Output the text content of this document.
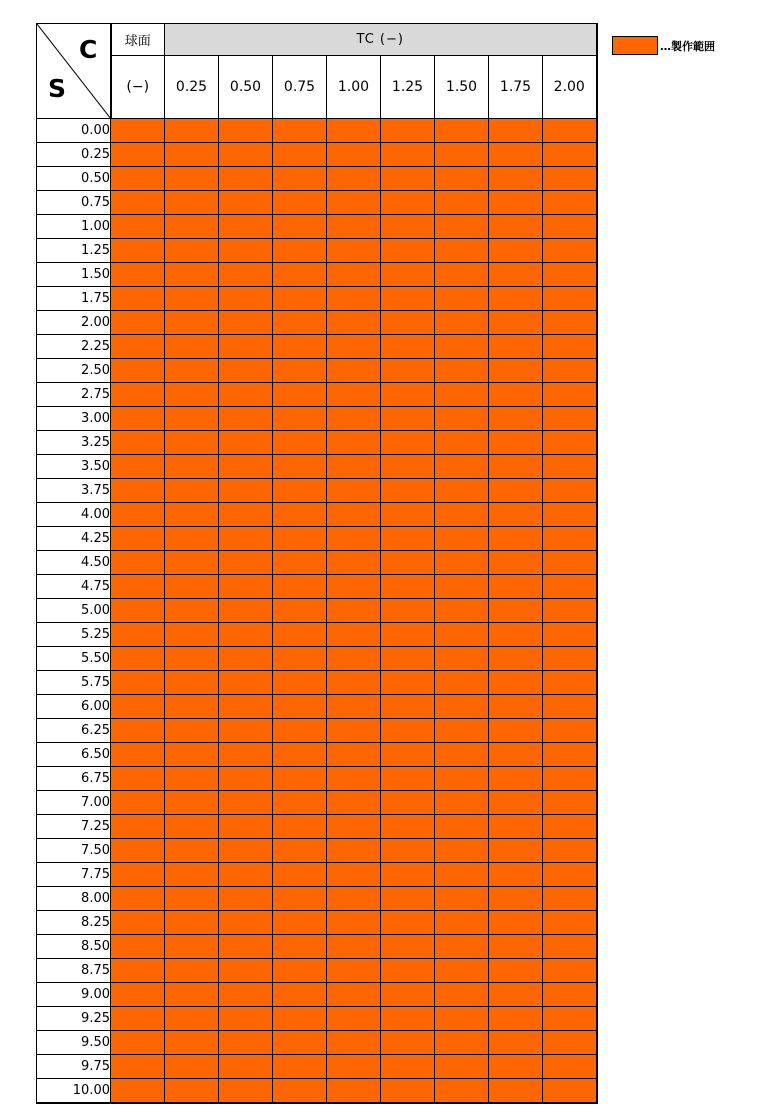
C
S	球面	TC (−)							
	(−)	0.25	0.50	0.75	1.00	1.25	1.50	1.75	2.00
0.00									
0.25									
0.50									
0.75									
1.00									
1.25									
1.50									
1.75									
2.00									
2.25									
2.50									
2.75									
3.00									
3.25									
3.50									
3.75									
4.00									
4.25									
4.50									
4.75									
5.00									
5.25									
5.50									
5.75									
6.00									
6.25									
6.50									
6.75									
7.00									
7.25									
7.50									
7.75									
8.00									
8.25									
8.50									
8.75									
9.00									
9.25									
9.50									
9.75									
10.00									
…製作範囲
